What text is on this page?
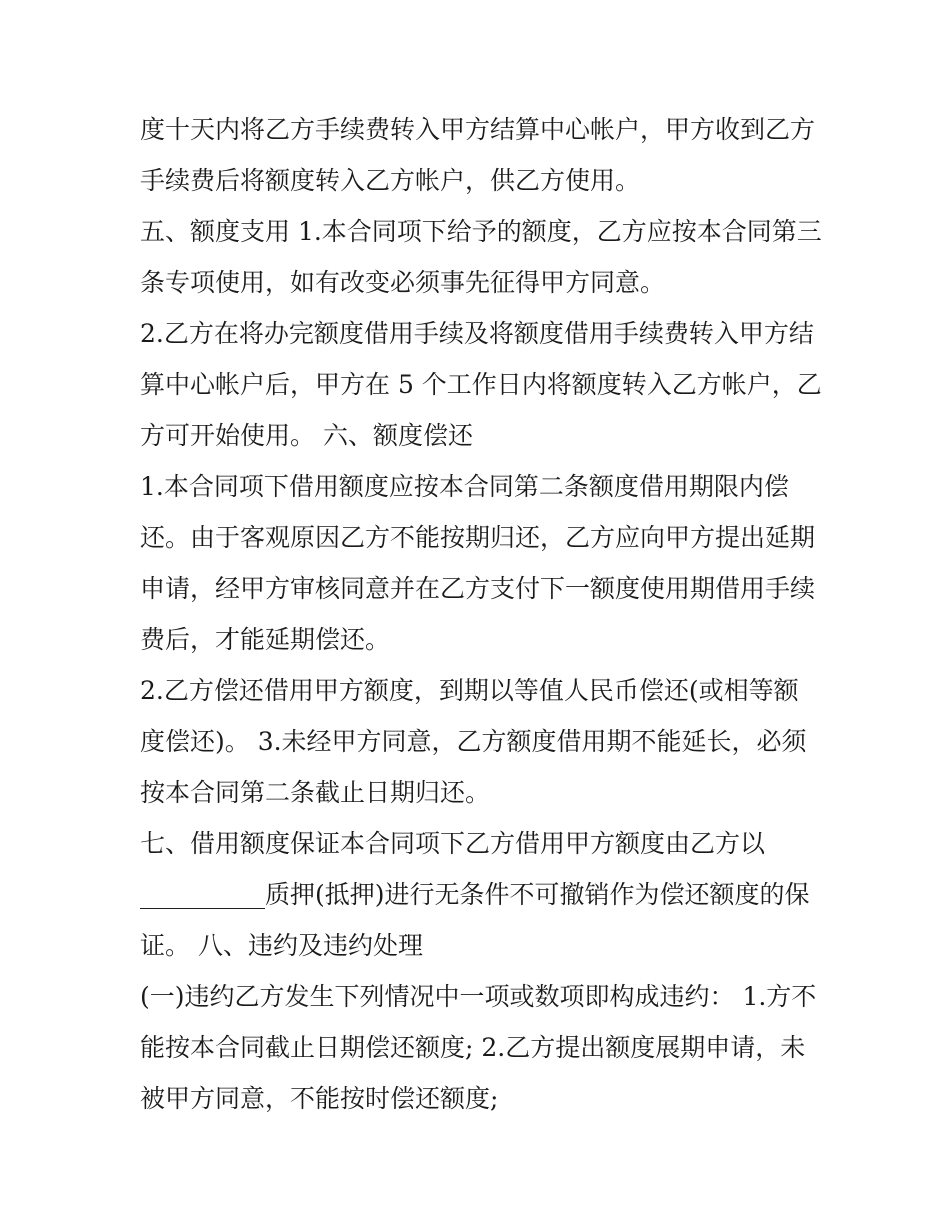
度十天内将乙方手续费转入甲方结算中心帐户，甲方收到乙方
手续费后将额度转入乙方帐户，供乙方使用。
五、额度支用 1.本合同项下给予的额度，乙方应按本合同第三
条专项使用，如有改变必须事先征得甲方同意。
2.乙方在将办完额度借用手续及将额度借用手续费转入甲方结
算中心帐户后，甲方在 5 个工作日内将额度转入乙方帐户，乙
方可开始使用。 六、额度偿还
1.本合同项下借用额度应按本合同第二条额度借用期限内偿
还。由于客观原因乙方不能按期归还，乙方应向甲方提出延期
申请，经甲方审核同意并在乙方支付下一额度使用期借用手续
费后，才能延期偿还。
2.乙方偿还借用甲方额度，到期以等值人民币偿还(或相等额
度偿还)。 3.未经甲方同意，乙方额度借用期不能延长，必须
按本合同第二条截止日期归还。
七、借用额度保证本合同项下乙方借用甲方额度由乙方以
__________质押(抵押)进行无条件不可撤销作为偿还额度的保
证。 八、违约及违约处理
(一)违约乙方发生下列情况中一项或数项即构成违约： 1.方不
能按本合同截止日期偿还额度; 2.乙方提出额度展期申请，未
被甲方同意，不能按时偿还额度;
